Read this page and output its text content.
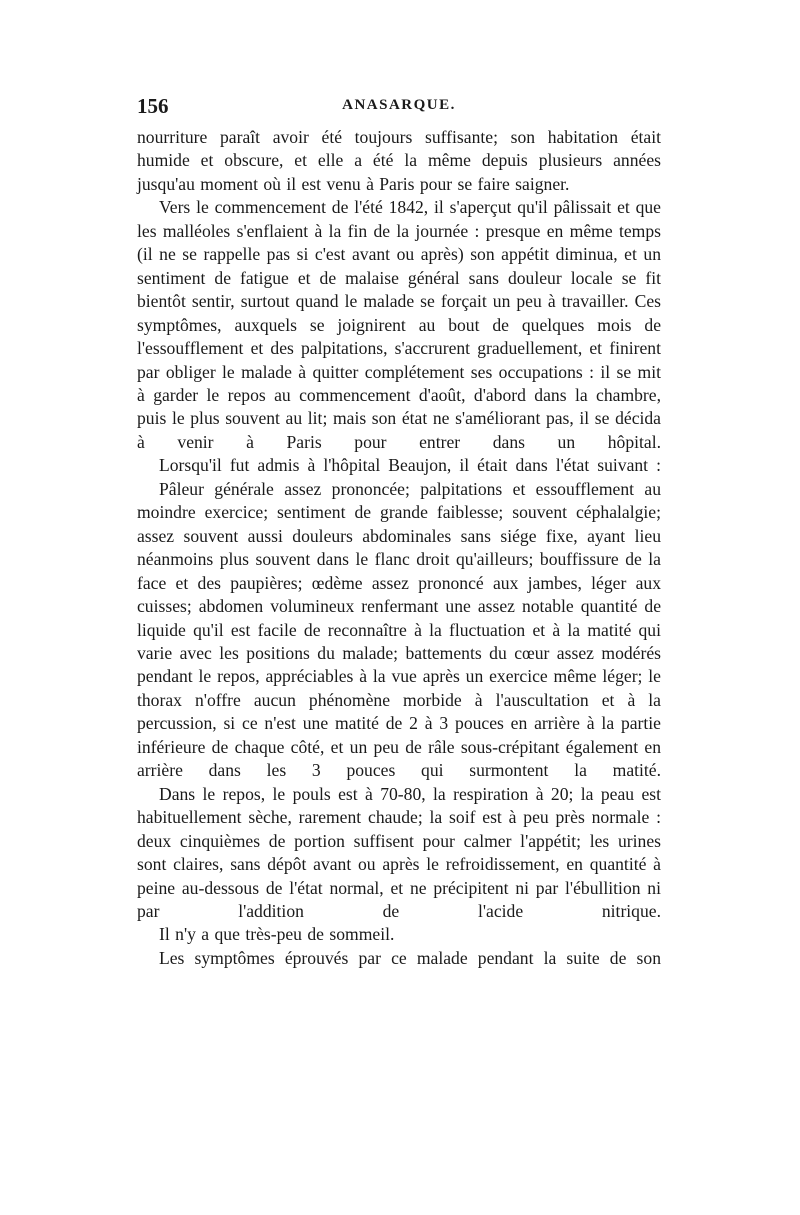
156	ANASARQUE.

nourriture paraît avoir été toujours suffisante; son habitation était humide et obscure, et elle a été la même depuis plusieurs années jusqu'au moment où il est venu à Paris pour se faire saigner.

Vers le commencement de l'été 1842, il s'aperçut qu'il pâlissait et que les malléoles s'enflaient à la fin de la journée : presque en même temps (il ne se rappelle pas si c'est avant ou après) son appétit diminua, et un sentiment de fatigue et de malaise général sans douleur locale se fit bientôt sentir, surtout quand le malade se forçait un peu à travailler. Ces symptômes, auxquels se joignirent au bout de quelques mois de l'essoufflement et des palpitations, s'accrurent graduellement, et finirent par obliger le malade à quitter complétement ses occupations : il se mit à garder le repos au commencement d'août, d'abord dans la chambre, puis le plus souvent au lit; mais son état ne s'améliorant pas, il se décida à venir à Paris pour entrer dans un hôpital.

Lorsqu'il fut admis à l'hôpital Beaujon, il était dans l'état suivant :

Pâleur générale assez prononcée; palpitations et essoufflement au moindre exercice; sentiment de grande faiblesse; souvent céphalalgie; assez souvent aussi douleurs abdominales sans siége fixe, ayant lieu néanmoins plus souvent dans le flanc droit qu'ailleurs; bouffissure de la face et des paupières; œdème assez prononcé aux jambes, léger aux cuisses; abdomen volumineux renfermant une assez notable quantité de liquide qu'il est facile de reconnaître à la fluctuation et à la matité qui varie avec les positions du malade; battements du cœur assez modérés pendant le repos, appréciables à la vue après un exercice même léger; le thorax n'offre aucun phénomène morbide à l'auscultation et à la percussion, si ce n'est une matité de 2 à 3 pouces en arrière à la partie inférieure de chaque côté, et un peu de râle sous-crépitant également en arrière dans les 3 pouces qui surmontent la matité.

Dans le repos, le pouls est à 70-80, la respiration à 20; la peau est habituellement sèche, rarement chaude; la soif est à peu près normale : deux cinquièmes de portion suffisent pour calmer l'appétit; les urines sont claires, sans dépôt avant ou après le refroidissement, en quantité à peine au-dessous de l'état normal, et ne précipitent ni par l'ébullition ni par l'addition de l'acide nitrique.

Il n'y a que très-peu de sommeil.

Les symptômes éprouvés par ce malade pendant la suite de son
